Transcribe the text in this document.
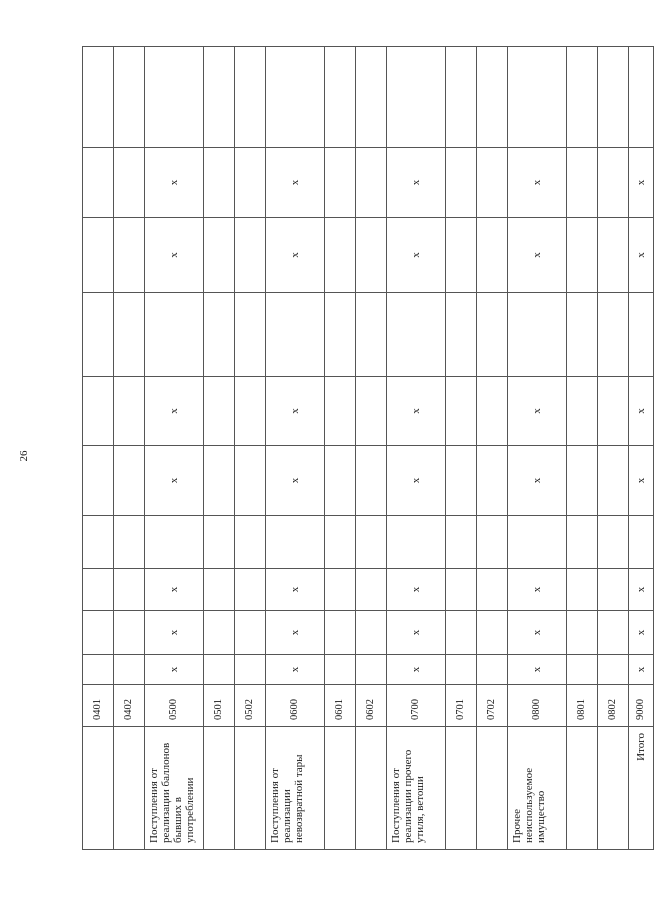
26
	0401										
	0402										
Поступления от реализации баллонов бывших в употреблении	0500	x	x	x		x	x		x	x	
	0501										
	0502										
Поступления от реализации невозвратной тары	0600	x	x	x		x	x		x	x	
	0601										
	0602										
Поступления от реализации прочего утиля, ветоши	0700	x	x	x		x	x		x	x	
	0701										
	0702										
Прочее неиспользуемое имущество	0800	x	x	x		x	x		x	x	
	0801										
	0802										
Итого	9000	x	x	x		x	x		x	x	
